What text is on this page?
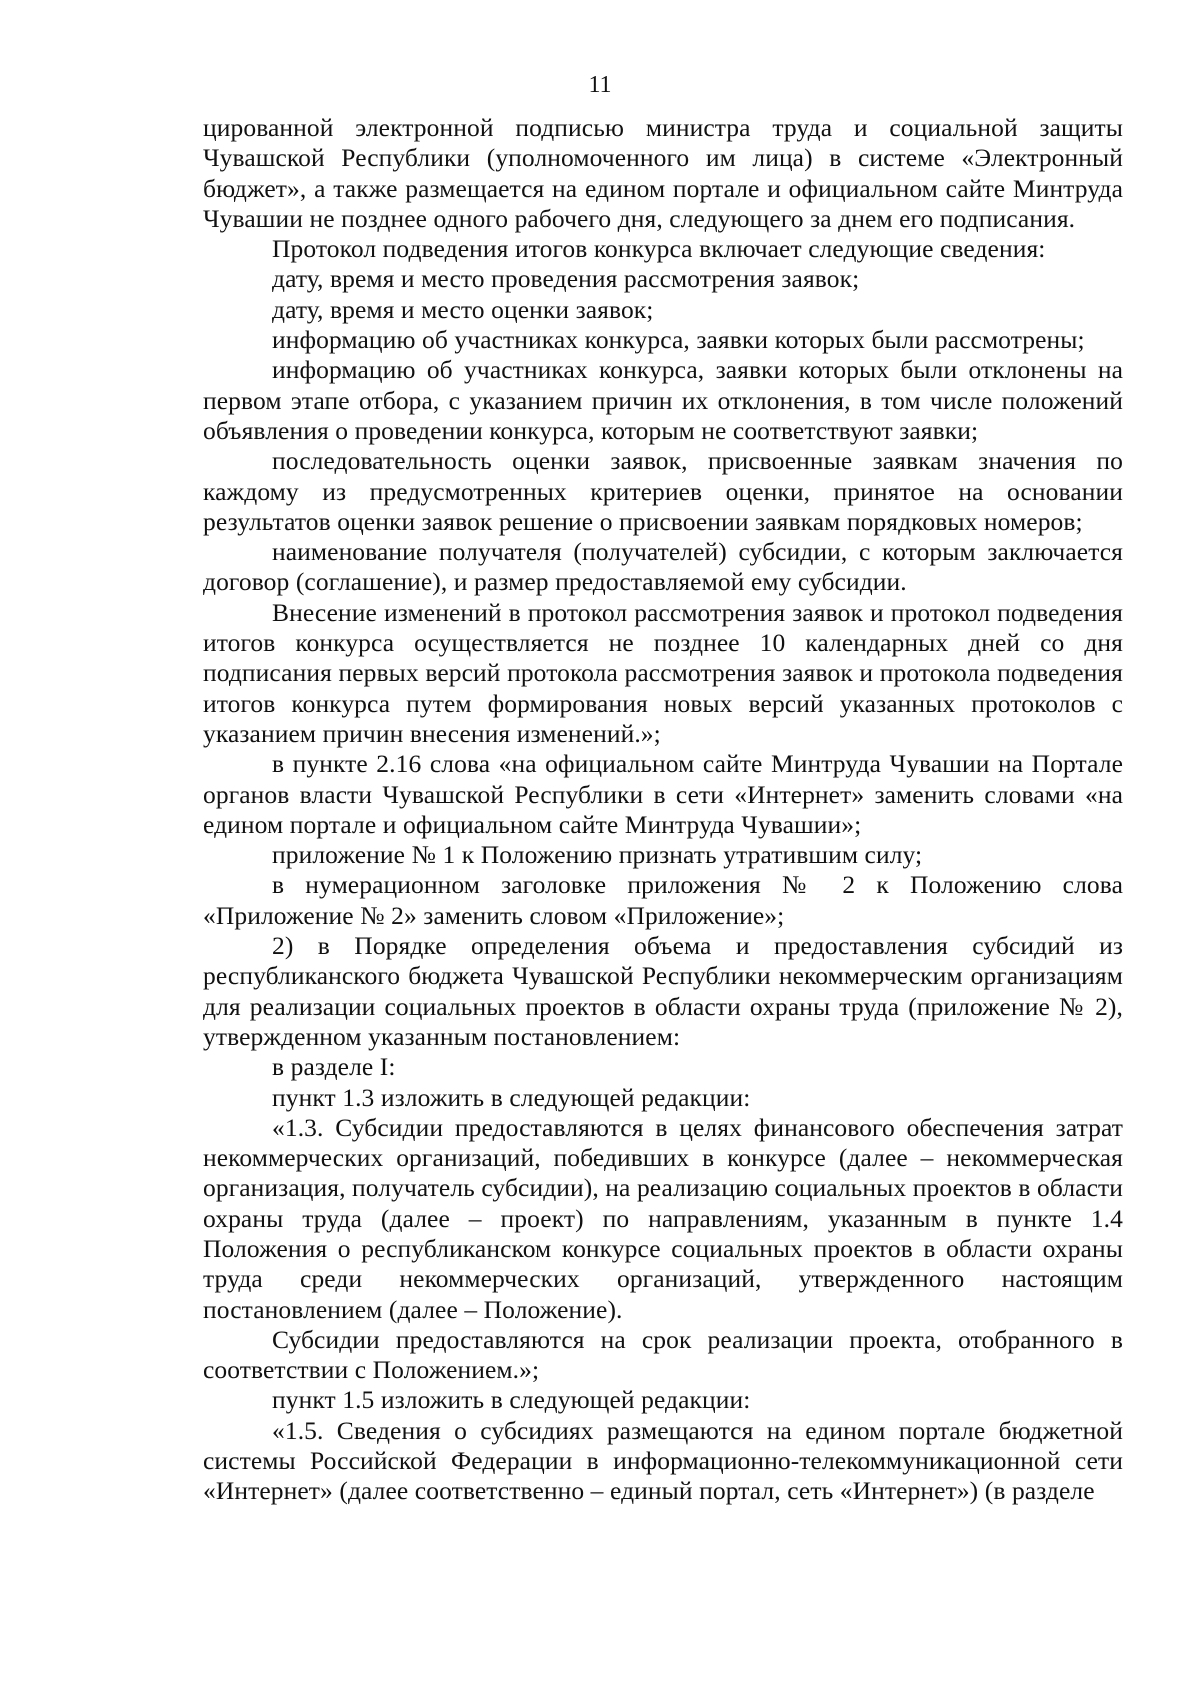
11

цированной электронной подписью министра труда и социальной защиты Чувашской Республики (уполномоченного им лица) в системе «Электронный бюджет», а также размещается на едином портале и официальном сайте Минтруда Чувашии не позднее одного рабочего дня, следующего за днем его подписания.

Протокол подведения итогов конкурса включает следующие сведения:

дату, время и место проведения рассмотрения заявок;

дату, время и место оценки заявок;

информацию об участниках конкурса, заявки которых были рассмотрены;

информацию об участниках конкурса, заявки которых были отклонены на первом этапе отбора, с указанием причин их отклонения, в том числе положений объявления о проведении конкурса, которым не соответствуют заявки;

последовательность оценки заявок, присвоенные заявкам значения по каждому из предусмотренных критериев оценки, принятое на основании результатов оценки заявок решение о присвоении заявкам порядковых номеров;

наименование получателя (получателей) субсидии, с которым заключается договор (соглашение), и размер предоставляемой ему субсидии.

Внесение изменений в протокол рассмотрения заявок и протокол подведения итогов конкурса осуществляется не позднее 10 календарных дней со дня подписания первых версий протокола рассмотрения заявок и протокола подведения итогов конкурса путем формирования новых версий указанных протоколов с указанием причин внесения изменений.»;

в пункте 2.16 слова «на официальном сайте Минтруда Чувашии на Портале органов власти Чувашской Республики в сети «Интернет» заменить словами «на едином портале и официальном сайте Минтруда Чувашии»;

приложение № 1 к Положению признать утратившим силу;

в нумерационном заголовке приложения № 2 к Положению слова «Приложение № 2» заменить словом «Приложение»;

2) в Порядке определения объема и предоставления субсидий из республиканского бюджета Чувашской Республики некоммерческим организациям для реализации социальных проектов в области охраны труда (приложение № 2), утвержденном указанным постановлением:

в разделе I:

пункт 1.3 изложить в следующей редакции:

«1.3. Субсидии предоставляются в целях финансового обеспечения затрат некоммерческих организаций, победивших в конкурсе (далее – некоммерческая организация, получатель субсидии), на реализацию социальных проектов в области охраны труда (далее – проект) по направлениям, указанным в пункте 1.4 Положения о республиканском конкурсе социальных проектов в области охраны труда среди некоммерческих организаций, утвержденного настоящим постановлением (далее – Положение).

Субсидии предоставляются на срок реализации проекта, отобранного в соответствии с Положением.»;

пункт 1.5 изложить в следующей редакции:

«1.5. Сведения о субсидиях размещаются на едином портале бюджетной системы Российской Федерации в информационно-телекоммуникационной сети «Интернет» (далее соответственно – единый портал, сеть «Интернет») (в разделе
